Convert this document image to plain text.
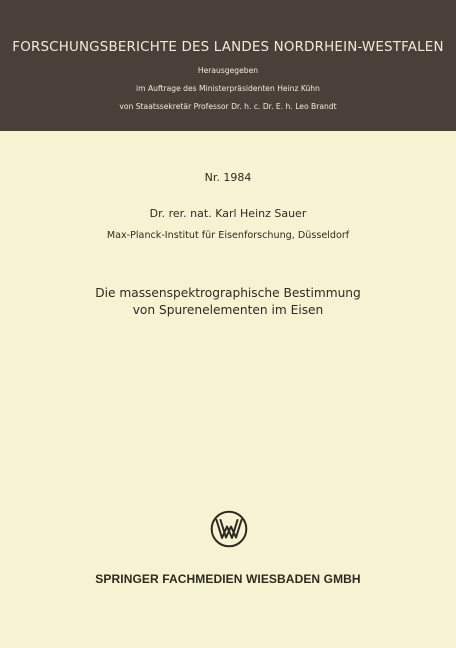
FORSCHUNGSBERICHTE DES LANDES NORDRHEIN-WESTFALEN
Herausgegeben
im Auftrage des Ministerpräsidenten Heinz Kühn
von Staatssekretär Professor Dr. h. c. Dr. E. h. Leo Brandt
Nr. 1984
Dr. rer. nat. Karl Heinz Sauer
Max-Planck-Institut für Eisenforschung, Düsseldorf
Die massenspektrographische Bestimmung
von Spurenelementen im Eisen
SPRINGER FACHMEDIEN WIESBADEN GMBH
